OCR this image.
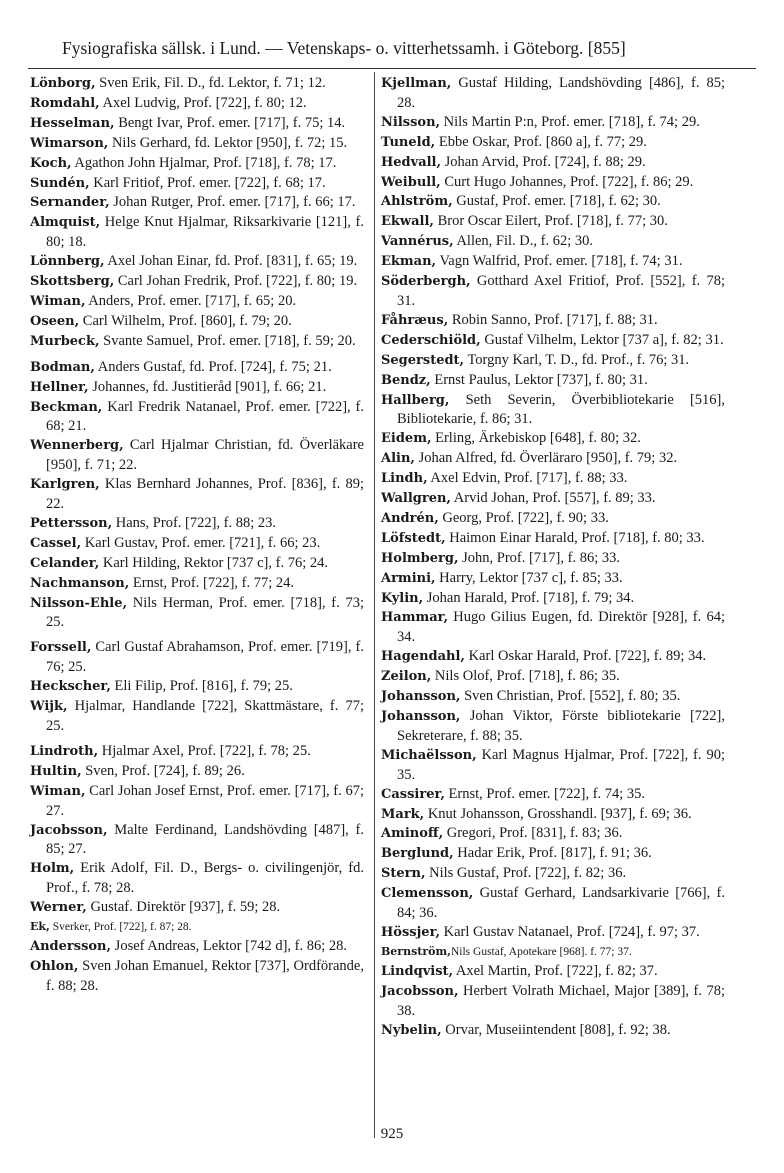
Fysiografiska sällsk. i Lund. — Vetenskaps- o. vitterhetssamh. i Göteborg. [855]

Lönborg, Sven Erik, Fil. D., fd. Lektor, f. 71; 12.

Romdahl, Axel Ludvig, Prof. [722], f. 80; 12.

Hesselman, Bengt Ivar, Prof. emer. [717], f. 75; 14.

Wimarson, Nils Gerhard, fd. Lektor [950], f. 72; 15.

Koch, Agathon John Hjalmar, Prof. [718], f. 78; 17.

Sundén, Karl Fritiof, Prof. emer. [722], f. 68; 17.

Sernander, Johan Rutger, Prof. emer. [717], f. 66; 17.

Almquist, Helge Knut Hjalmar, Riksarkivarie [121], f. 80; 18.

Lönnberg, Axel Johan Einar, fd. Prof. [831], f. 65; 19.

Skottsberg, Carl Johan Fredrik, Prof. [722], f. 80; 19.

Wiman, Anders, Prof. emer. [717], f. 65; 20.

Oseen, Carl Wilhelm, Prof. [860], f. 79; 20.

Murbeck, Svante Samuel, Prof. emer. [718], f. 59; 20.

Bodman, Anders Gustaf, fd. Prof. [724], f. 75; 21.

Hellner, Johannes, fd. Justitieråd [901], f. 66; 21.

Beckman, Karl Fredrik Natanael, Prof. emer. [722], f. 68; 21.

Wennerberg, Carl Hjalmar Christian, fd. Överläkare [950], f. 71; 22.

Karlgren, Klas Bernhard Johannes, Prof. [836], f. 89; 22.

Pettersson, Hans, Prof. [722], f. 88; 23.

Cassel, Karl Gustav, Prof. emer. [721], f. 66; 23.

Celander, Karl Hilding, Rektor [737 c], f. 76; 24.

Nachmanson, Ernst, Prof. [722], f. 77; 24.

Nilsson-Ehle, Nils Herman, Prof. emer. [718], f. 73; 25.

Forssell, Carl Gustaf Abrahamson, Prof. emer. [719], f. 76; 25.

Heckscher, Eli Filip, Prof. [816], f. 79; 25.

Wijk, Hjalmar, Handlande [722], Skattmästare, f. 77; 25.

Lindroth, Hjalmar Axel, Prof. [722], f. 78; 25.

Hultin, Sven, Prof. [724], f. 89; 26.

Wiman, Carl Johan Josef Ernst, Prof. emer. [717], f. 67; 27.

Jacobsson, Malte Ferdinand, Landshövding [487], f. 85; 27.

Holm, Erik Adolf, Fil. D., Bergs- o. civilingenjör, fd. Prof., f. 78; 28.

Werner, Gustaf. Direktör [937], f. 59; 28.

Ek, Sverker, Prof. [722], f. 87; 28.

Andersson, Josef Andreas, Lektor [742 d], f. 86; 28.

Ohlon, Sven Johan Emanuel, Rektor [737], Ordförande, f. 88; 28.

Kjellman, Gustaf Hilding, Landshövding [486], f. 85; 28.

Nilsson, Nils Martin P:n, Prof. emer. [718], f. 74; 29.

Tuneld, Ebbe Oskar, Prof. [860 a], f. 77; 29.

Hedvall, Johan Arvid, Prof. [724], f. 88; 29.

Weibull, Curt Hugo Johannes, Prof. [722], f. 86; 29.

Ahlström, Gustaf, Prof. emer. [718], f. 62; 30.

Ekwall, Bror Oscar Eilert, Prof. [718], f. 77; 30.

Vannérus, Allen, Fil. D., f. 62; 30.

Ekman, Vagn Walfrid, Prof. emer. [718], f. 74; 31.

Söderbergh, Gotthard Axel Fritiof, Prof. [552], f. 78; 31.

Fåhræus, Robin Sanno, Prof. [717], f. 88; 31.

Cederschiöld, Gustaf Vilhelm, Lektor [737 a], f. 82; 31.

Segerstedt, Torgny Karl, T. D., fd. Prof., f. 76; 31.

Bendz, Ernst Paulus, Lektor [737], f. 80; 31.

Hallberg, Seth Severin, Överbibliotekarie [516], Bibliotekarie, f. 86; 31.

Eidem, Erling, Ärkebiskop [648], f. 80; 32.

Alin, Johan Alfred, fd. Överläraro [950], f. 79; 32.

Lindh, Axel Edvin, Prof. [717], f. 88; 33.

Wallgren, Arvid Johan, Prof. [557], f. 89; 33.

Andrén, Georg, Prof. [722], f. 90; 33.

Löfstedt, Haimon Einar Harald, Prof. [718], f. 80; 33.

Holmberg, John, Prof. [717], f. 86; 33.

Armini, Harry, Lektor [737 c], f. 85; 33.

Kylin, Johan Harald, Prof. [718], f. 79; 34.

Hammar, Hugo Gilius Eugen, fd. Direktör [928], f. 64; 34.

Hagendahl, Karl Oskar Harald, Prof. [722], f. 89; 34.

Zeilon, Nils Olof, Prof. [718], f. 86; 35.

Johansson, Sven Christian, Prof. [552], f. 80; 35.

Johansson, Johan Viktor, Förste bibliotekarie [722], Sekreterare, f. 88; 35.

Michaëlsson, Karl Magnus Hjalmar, Prof. [722], f. 90; 35.

Cassirer, Ernst, Prof. emer. [722], f. 74; 35.

Mark, Knut Johansson, Grosshandl. [937], f. 69; 36.

Aminoff, Gregori, Prof. [831], f. 83; 36.

Berglund, Hadar Erik, Prof. [817], f. 91; 36.

Stern, Nils Gustaf, Prof. [722], f. 82; 36.

Clemensson, Gustaf Gerhard, Landsarkivarie [766], f. 84; 36.

Hössjer, Karl Gustav Natanael, Prof. [724], f. 97; 37.

Bernström,Nils Gustaf, Apotekare [968]. f. 77; 37.

Lindqvist, Axel Martin, Prof. [722], f. 82; 37.

Jacobsson, Herbert Volrath Michael, Major [389], f. 78; 38.

Nybelin, Orvar, Museiintendent [808], f. 92; 38.

925
